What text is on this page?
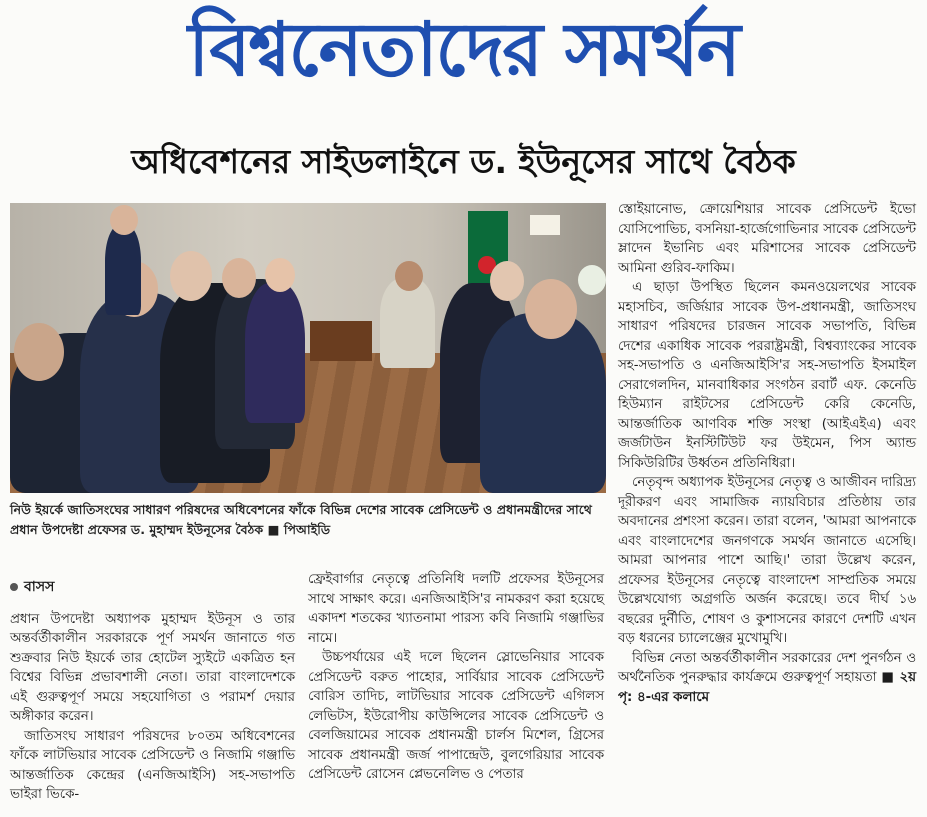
বিশ্বনেতাদের সমর্থন
অধিবেশনের সাইডলাইনে ড. ইউনূসের সাথে বৈঠক
নিউ ইয়র্কে জাতিসংঘের সাধারণ পরিষদের অধিবেশনের ফাঁকে বিভিন্ন দেশের সাবেক প্রেসিডেন্ট ও প্রধানমন্ত্রীদের সাথে প্রধান উপদেষ্টা প্রফেসর ড. মুহাম্মদ ইউনূসের বৈঠক ■ পিআইডি
বাসস

প্রধান উপদেষ্টা অধ্যাপক মুহাম্মদ ইউনূস ও তার অন্তর্বর্তীকালীন সরকারকে পূর্ণ সমর্থন জানাতে গত শুক্রবার নিউ ইয়র্কে তার হোটেল স্যুইটে একত্রিত হন বিশ্বের বিভিন্ন প্রভাবশালী নেতা। তারা বাংলাদেশকে এই গুরুত্বপূর্ণ সময়ে সহযোগিতা ও পরামর্শ দেয়ার অঙ্গীকার করেন।

জাতিসংঘ সাধারণ পরিষদের ৮০তম অধিবেশনের ফাঁকে লাটভিয়ার সাবেক প্রেসিডেন্ট ও নিজামি গঞ্জাভি আন্তর্জাতিক কেন্দ্রের (এনজিআইসি) সহ-সভাপতি ভাইরা ভিকে-

ফ্রেইবার্গার নেতৃত্বে প্রতিনিধি দলটি প্রফেসর ইউনূসের সাথে সাক্ষাৎ করে। এনজিআইসি'র নামকরণ করা হয়েছে একাদশ শতকের খ্যাতনামা পারস্য কবি নিজামি গঞ্জাভির নামে।

উচ্চপর্যায়ের এই দলে ছিলেন স্লোভেনিয়ার সাবেক প্রেসিডেন্ট বরুত পাহোর, সার্বিয়ার সাবেক প্রেসিডেন্ট বোরিস তাদিচ, লাটভিয়ার সাবেক প্রেসিডেন্ট এগিলস লেভিটস, ইউরোপীয় কাউন্সিলের সাবেক প্রেসিডেন্ট ও বেলজিয়ামের সাবেক প্রধানমন্ত্রী চার্লস মিশেল, গ্রিসের সাবেক প্রধানমন্ত্রী জর্জ পাপান্দ্রেউ, বুলগেরিয়ার সাবেক প্রেসিডেন্ট রোসেন প্লেভনেলিভ ও পেতার

স্তোইয়ানোভ, ক্রোয়েশিয়ার সাবেক প্রেসিডেন্ট ইভো যোসিপোভিচ, বসনিয়া-হার্জেগোভিনার সাবেক প্রেসিডেন্ট ম্লাদেন ইভানিচ এবং মরিশাসের সাবেক প্রেসিডেন্ট আমিনা গুরিব-ফাকিম।

এ ছাড়া উপস্থিত ছিলেন কমনওয়েলথের সাবেক মহাসচিব, জর্জিয়ার সাবেক উপ-প্রধানমন্ত্রী, জাতিসংঘ সাধারণ পরিষদের চারজন সাবেক সভাপতি, বিভিন্ন দেশের একাধিক সাবেক পররাষ্ট্রমন্ত্রী, বিশ্বব্যাংকের সাবেক সহ-সভাপতি ও এনজিআইসি'র সহ-সভাপতি ইসমাইল সেরাগেলদিন, মানবাধিকার সংগঠন রবার্ট এফ. কেনেডি হিউম্যান রাইটসের প্রেসিডেন্ট কেরি কেনেডি, আন্তর্জাতিক আণবিক শক্তি সংস্থা (আইএইএ) এবং জর্জটাউন ইনস্টিটিউট ফর উইমেন, পিস অ্যান্ড সিকিউরিটির উর্ধ্বতন প্রতিনিধিরা।

নেতৃবৃন্দ অধ্যাপক ইউনূসের নেতৃত্ব ও আজীবন দারিদ্র্য দূরীকরণ এবং সামাজিক ন্যায়বিচার প্রতিষ্ঠায় তার অবদানের প্রশংসা করেন। তারা বলেন, 'আমরা আপনাকে এবং বাংলাদেশের জনগণকে সমর্থন জানাতে এসেছি। আমরা আপনার পাশে আছি।' তারা উল্লেখ করেন, প্রফেসর ইউনূসের নেতৃত্বে বাংলাদেশ সাম্প্রতিক সময়ে উল্লেখযোগ্য অগ্রগতি অর্জন করেছে। তবে দীর্ঘ ১৬ বছরের দুর্নীতি, শোষণ ও কুশাসনের কারণে দেশটি এখন বড় ধরনের চ্যালেঞ্জের মুখোমুখি।

বিভিন্ন নেতা অন্তর্বর্তীকালীন সরকারের দেশ পুনর্গঠন ও অর্থনৈতিক পুনরুদ্ধার কার্যক্রমে গুরুত্বপূর্ণ সহায়তা ■ ২য় পৃ: ৪-এর কলামে
